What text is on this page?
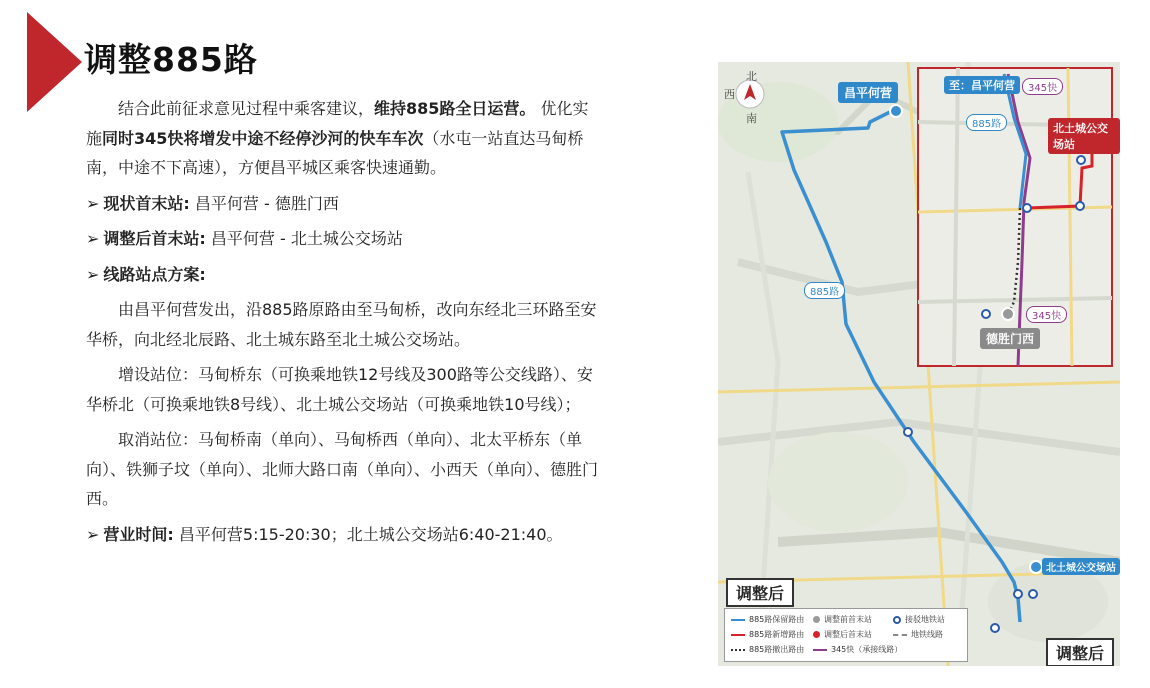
调整885路

结合此前征求意见过程中乘客建议，维持885路全日运营。 优化实施同时345快将增发中途不经停沙河的快车车次（水屯一站直达马甸桥南，中途不下高速），方便昌平城区乘客快速通勤。

➢ 现状首末站: 昌平何营 - 德胜门西

➢ 调整后首末站: 昌平何营 - 北土城公交场站

➢ 线路站点方案:

由昌平何营发出，沿885路原路由至马甸桥，改向东经北三环路至安华桥，向北经北辰路、北土城东路至北土城公交场站。

增设站位：马甸桥东（可换乘地铁12号线及300路等公交线路）、安华桥北（可换乘地铁8号线）、北土城公交场站（可换乘地铁10号线）；

取消站位：马甸桥南（单向）、马甸桥西（单向）、北太平桥东（单向）、铁狮子坟（单向）、北师大路口南（单向）、小西天（单向）、德胜门西。

➢ 营业时间: 昌平何营5:15-20:30；北土城公交场站6:40-21:40。

北
西
南
昌平何营
885路
北土城公交场站
至：昌平何营	345快
885路	北土城公交场站
345快
德胜门西
调整后
调整后
885路保留路由 调整前首末站	接驳地铁站
885路新增路由 调整后首末站	地铁线路
885路撤出路由	345快（承接线路）
